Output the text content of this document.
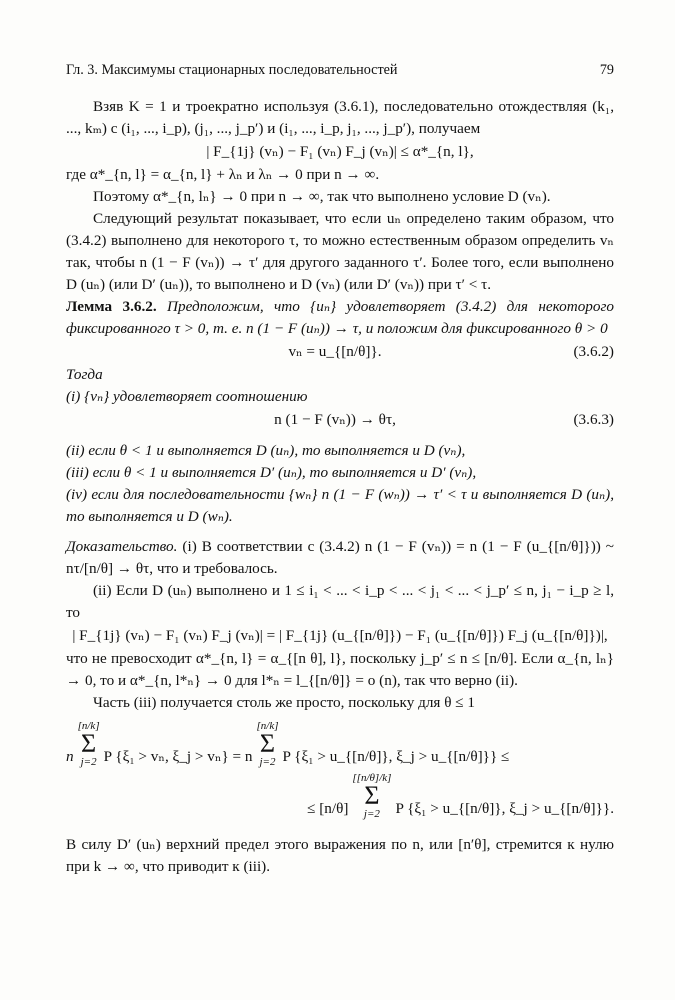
Гл. 3. Максимумы стационарных последовательностей	79

Взяв K = 1 и троекратно используя (3.6.1), последовательно отождествляя (k₁, ..., kₘ) с (i₁, ..., i_p), (j₁, ..., j_p′) и (i₁, ..., i_p, j₁, ..., j_p′), получаем

| F_{1j} (vₙ) − F₁ (vₙ) F_j (vₙ)| ≤ α*_{n, l},

где α*_{n, l} = α_{n, l} + λₙ и λₙ → 0 при n → ∞.

Поэтому α*_{n, lₙ} → 0 при n → ∞, так что выполнено условие D (vₙ).

Следующий результат показывает, что если uₙ определено таким образом, что (3.4.2) выполнено для некоторого τ, то можно естественным образом определить vₙ так, чтобы n (1 − F (vₙ)) → τ′ для другого заданного τ′. Более того, если выполнено D (uₙ) (или D′ (uₙ)), то выполнено и D (vₙ) (или D′ (vₙ)) при τ′ < τ.

Лемма 3.6.2. Предположим, что {uₙ} удовлетворяет (3.4.2) для некоторого фиксированного τ > 0, т. е. n (1 − F (uₙ)) → τ, и положим для фиксированного θ > 0

vₙ = u_{[n/θ]}.	(3.6.2)

Тогда

(i) {vₙ} удовлетворяет соотношению

n (1 − F (vₙ)) → θτ,	(3.6.3)

(ii) если θ < 1 и выполняется D (uₙ), то выполняется и D (vₙ),

(iii) если θ < 1 и выполняется D′ (uₙ), то выполняется и D′ (vₙ),

(iv) если для последовательности {wₙ} n (1 − F (wₙ)) → τ′ < τ и выполняется D (uₙ), то выполняется и D (wₙ).

Доказательство. (i) В соответствии с (3.4.2) n (1 − F (vₙ)) = n (1 − F (u_{[n/θ]})) ~ nτ/[n/θ] → θτ, что и требовалось.

(ii) Если D (uₙ) выполнено и 1 ≤ i₁ < ... < i_p < ... < j₁ < ... < j_p′ ≤ n, j₁ − i_p ≥ l, то

| F_{1j} (vₙ) − F₁ (vₙ) F_j (vₙ)| = | F_{1j} (u_{[n/θ]}) − F₁ (u_{[n/θ]}) F_j (u_{[n/θ]})|,

что не превосходит α*_{n, l} = α_{[n θ], l}, поскольку j_p′ ≤ n ≤ [n/θ]. Если α_{n, lₙ} → 0, то и α*_{n, l*ₙ} → 0 для l*ₙ = l_{[n/θ]} = o (n), так что верно (ii).

Часть (iii) получается столь же просто, поскольку для θ ≤ 1

n
[n/k]
Σ
j=2 P {ξ₁ > vₙ, ξ_j > vₙ} = n
[n/k]
Σ
j=2 P {ξ₁ > u_{[n/θ]}, ξ_j > u_{[n/θ]}} ≤
≤ [n/θ]
[[n/θ]/k]
Σ
j=2 P {ξ₁ > u_{[n/θ]}, ξ_j > u_{[n/θ]}}.

В силу D′ (uₙ) верхний предел этого выражения по n, или [n′θ], стремится к нулю при k → ∞, что приводит к (iii).
